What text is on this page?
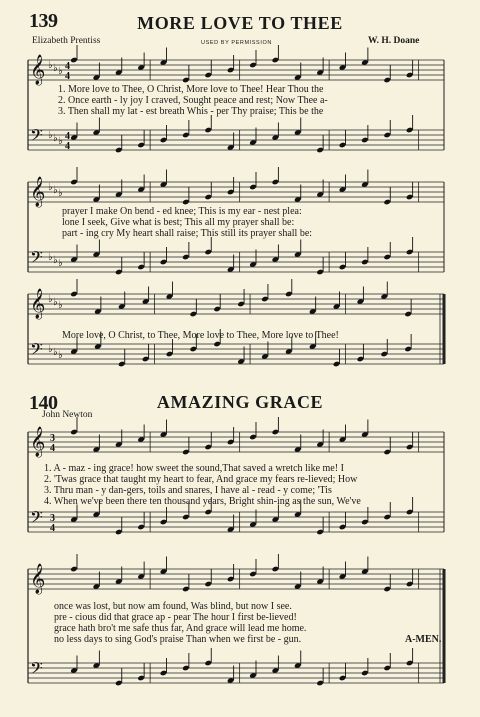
139	MORE LOVE TO THEE
Elizabeth Prentiss	USED BY PERMISSION	W. H. Doane
𝄞 ♭ ♭ ♭ 4
4
𝄢 ♭ ♭ ♭ 4
4
1. More love to Thee, O Christ, More love to Thee! Hear Thou the
2. Once earth - ly joy I craved, Sought peace and rest; Now Thee a-
3. Then shall my lat - est breath Whis - per Thy praise; This be the
𝄞 ♭ ♭ ♭
𝄢 ♭ ♭ ♭
prayer I make On bend - ed knee; This is my ear - nest plea:
lone I seek, Give what is best; This all my prayer shall be:
part - ing cry My heart shall raise; This still its prayer shall be:
𝄞 ♭ ♭ ♭
𝄢 ♭ ♭ ♭
More love, O Christ, to Thee, More love to Thee, More love to Thee!
140	AMAZING GRACE
John Newton
𝄞 3
4
𝄢 3
4
1. A - maz - ing grace! how sweet the sound,That saved a wretch like me! I
2. 'Twas grace that taught my heart to fear, And grace my fears re-lieved; How
3. Thru man - y dan-gers, toils and snares, I have al - read - y come; 'Tis
4. When we've been there ten thousand years, Bright shin-ing as the sun, We've
𝄞
𝄢
once was lost, but now am found, Was blind, but now I see.
pre - cious did that grace ap - pear The hour I first be-lieved!
grace hath bro't me safe thus far, And grace will lead me home.
no less days to sing God's praise Than when we first be - gun.	A-MEN.
